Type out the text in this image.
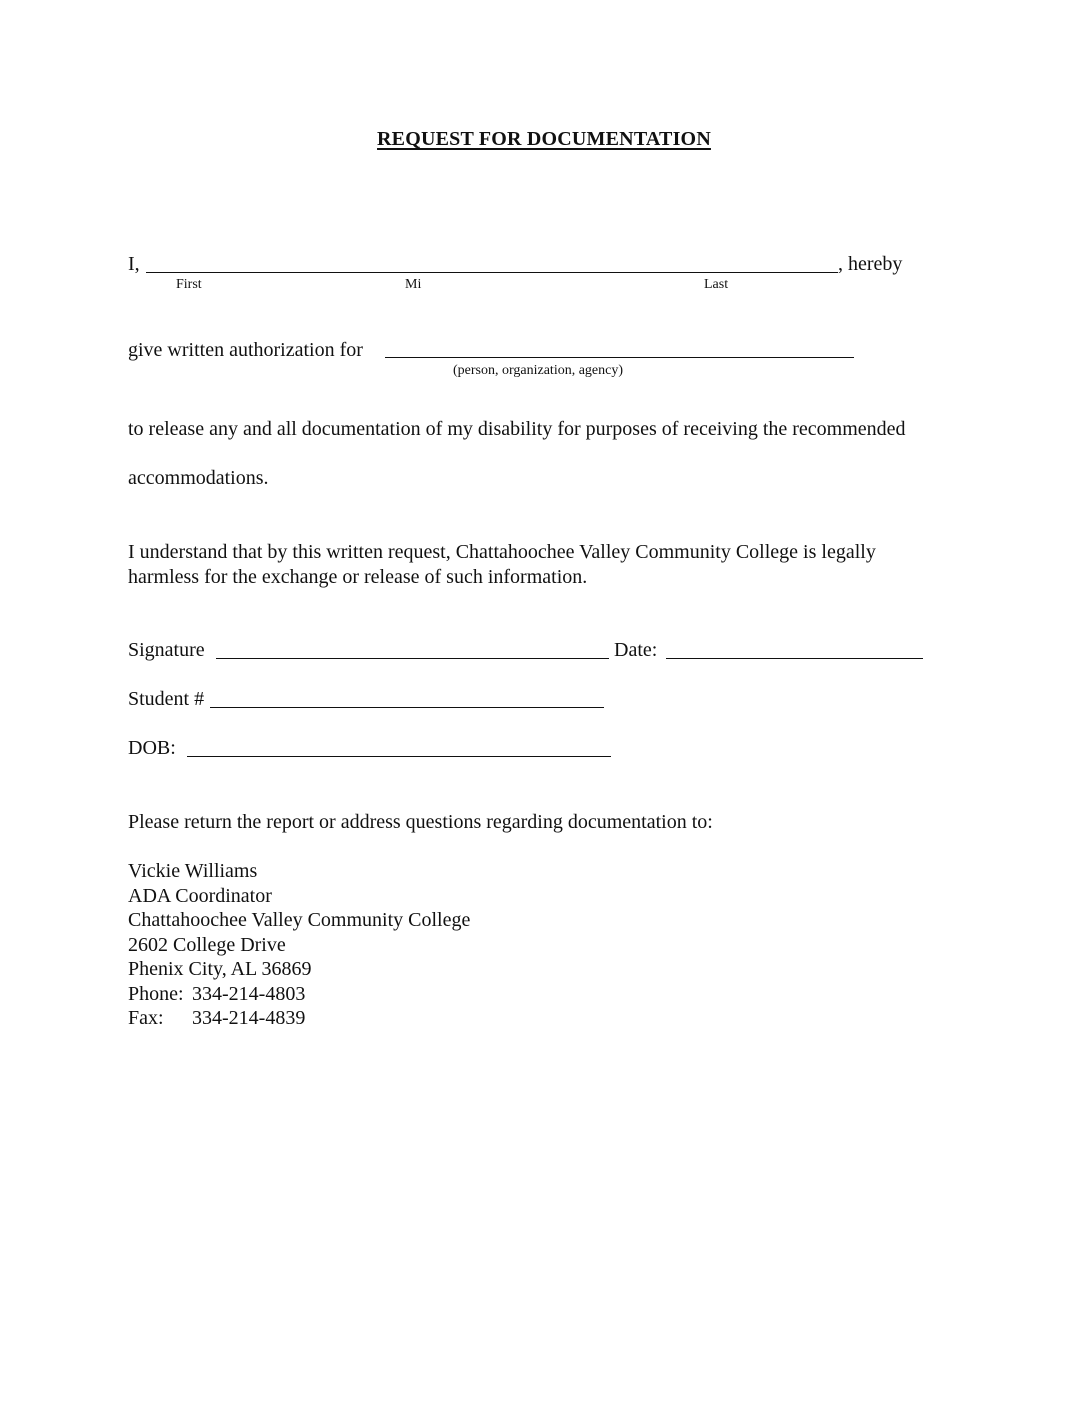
REQUEST FOR DOCUMENTATION
I,	, hereby
First	Mi	Last
give written authorization for
(person, organization, agency)
to release any and all documentation of my disability for purposes of receiving the recommended
accommodations.
I understand that by this written request, Chattahoochee Valley Community College is legally
harmless for the exchange or release of such information.
Signature	Date:
Student #
DOB:
Please return the report or address questions regarding documentation to:
Vickie Williams
ADA Coordinator
Chattahoochee Valley Community College
2602 College Drive
Phenix City, AL 36869
Phone: 334-214-4803
Fax: 334-214-4839
